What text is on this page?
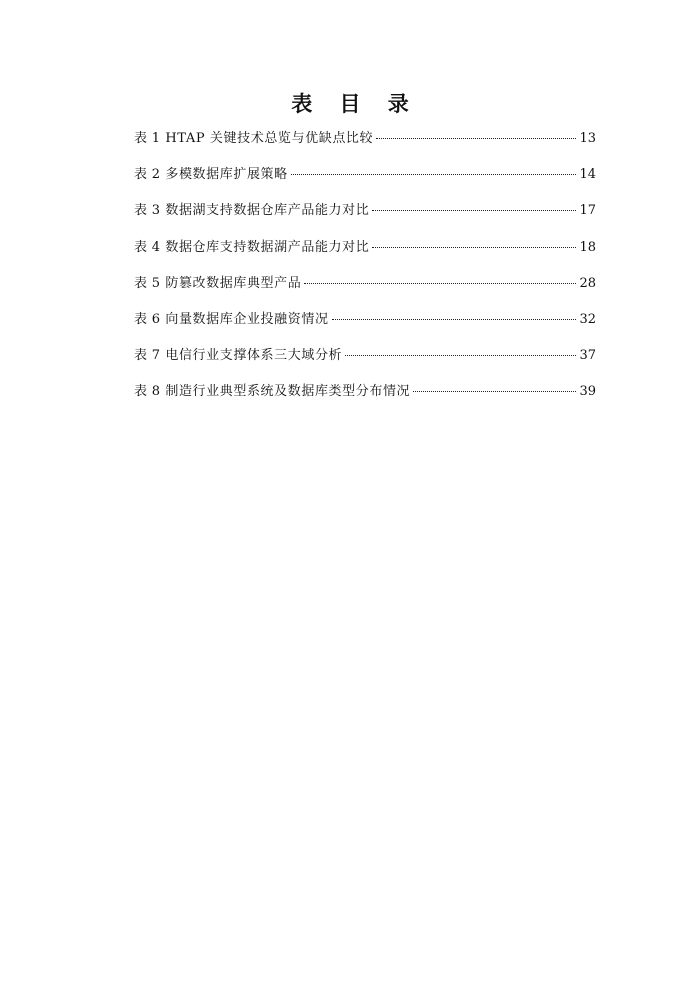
表 目 录
表 1 HTAP 关键技术总览与优缺点比较	13
表 2 多模数据库扩展策略	14
表 3 数据湖支持数据仓库产品能力对比	17
表 4 数据仓库支持数据湖产品能力对比	18
表 5 防篡改数据库典型产品	28
表 6 向量数据库企业投融资情况	32
表 7 电信行业支撑体系三大域分析	37
表 8 制造行业典型系统及数据库类型分布情况	39
